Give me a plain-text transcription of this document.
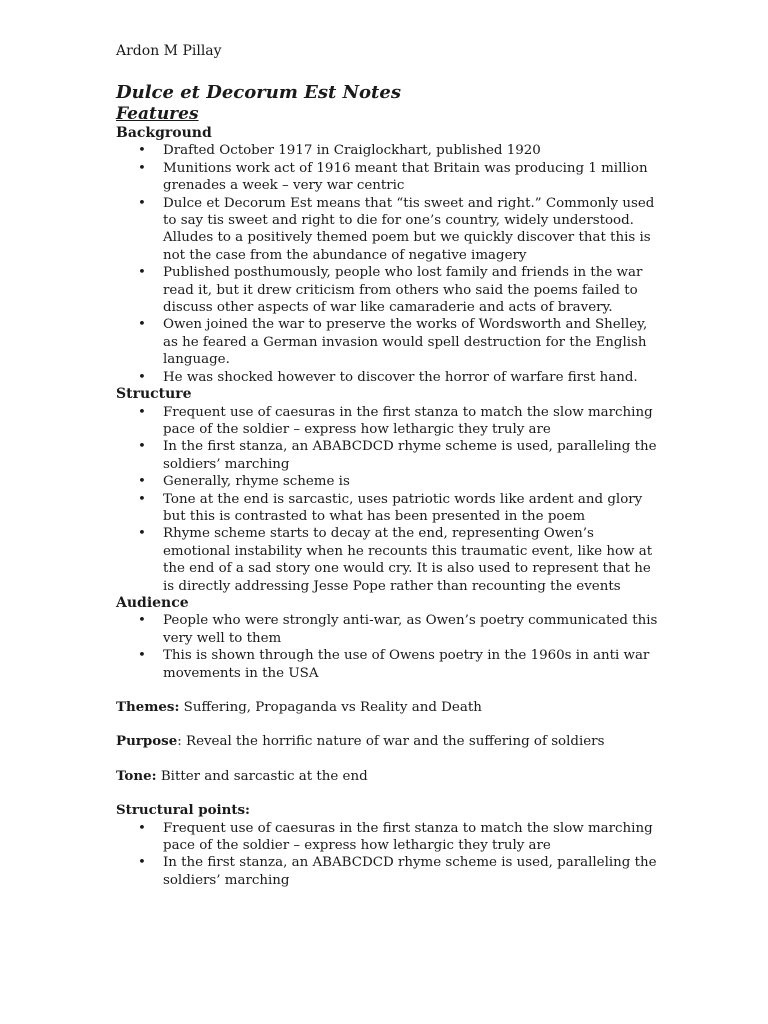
Ardon M Pillay
Dulce et Decorum Est Notes
Features
Background
• Drafted October 1917 in Craiglockhart, published 1920
• Munitions work act of 1916 meant that Britain was producing 1 million grenades a week – very war centric
• Dulce et Decorum Est means that “tis sweet and right.” Commonly used to say tis sweet and right to die for one’s country, widely understood. Alludes to a positively themed poem but we quickly discover that this is not the case from the abundance of negative imagery
• Published posthumously, people who lost family and friends in the war read it, but it drew criticism from others who said the poems failed to discuss other aspects of war like camaraderie and acts of bravery.
• Owen joined the war to preserve the works of Wordsworth and Shelley, as he feared a German invasion would spell destruction for the English language.
• He was shocked however to discover the horror of warfare first hand.
Structure
• Frequent use of caesuras in the first stanza to match the slow marching pace of the soldier – express how lethargic they truly are
• In the first stanza, an ABABCDCD rhyme scheme is used, paralleling the soldiers’ marching
• Generally, rhyme scheme is
• Tone at the end is sarcastic, uses patriotic words like ardent and glory but this is contrasted to what has been presented in the poem
• Rhyme scheme starts to decay at the end, representing Owen’s emotional instability when he recounts this traumatic event, like how at the end of a sad story one would cry. It is also used to represent that he is directly addressing Jesse Pope rather than recounting the events
Audience
• People who were strongly anti-war, as Owen’s poetry communicated this very well to them
• This is shown through the use of Owens poetry in the 1960s in anti war movements in the USA
Themes: Suffering, Propaganda vs Reality and Death
Purpose: Reveal the horrific nature of war and the suffering of soldiers
Tone: Bitter and sarcastic at the end
Structural points:
• Frequent use of caesuras in the first stanza to match the slow marching pace of the soldier – express how lethargic they truly are
• In the first stanza, an ABABCDCD rhyme scheme is used, paralleling the soldiers’ marching
